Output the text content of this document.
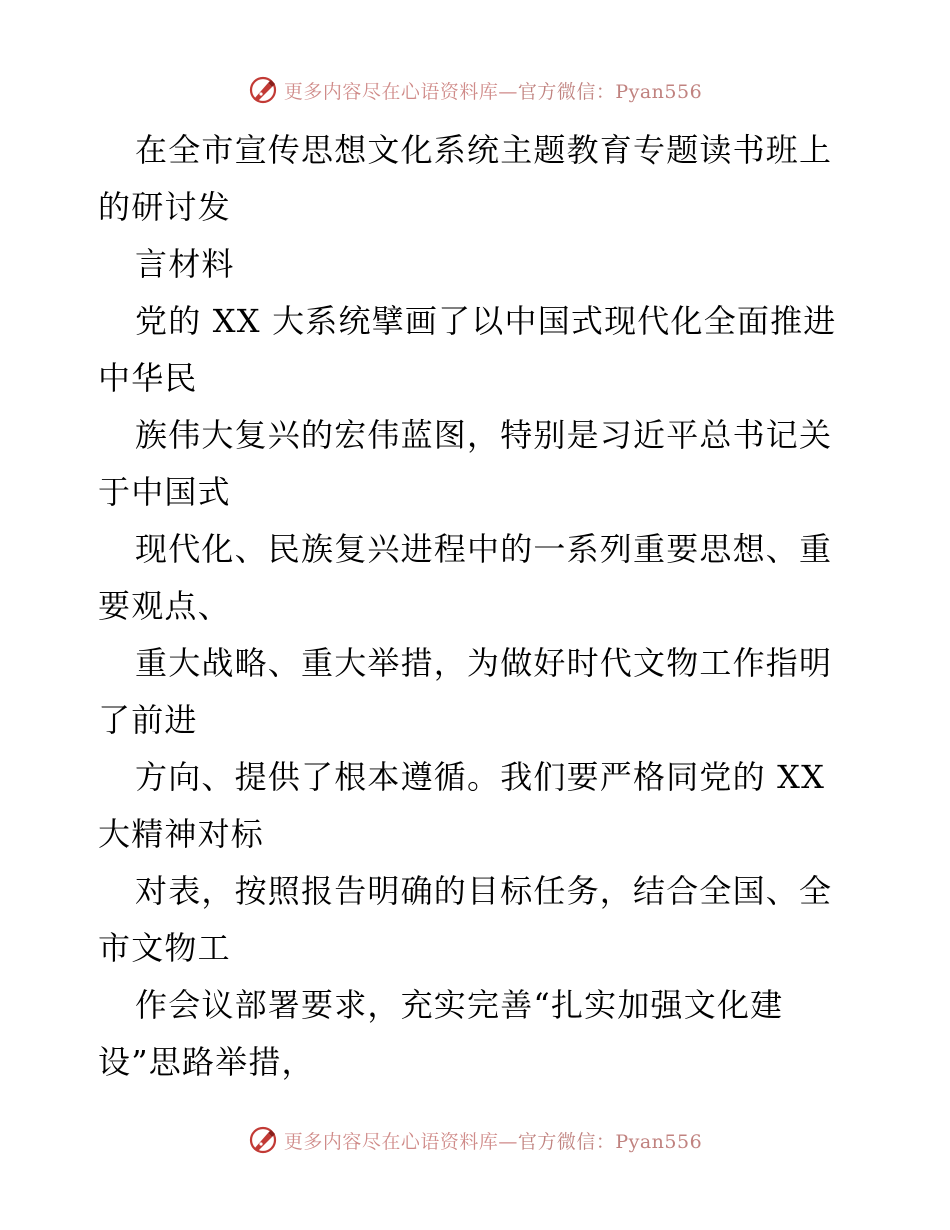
更多内容尽在心语资料库—官方微信：Pyan556

在全市宣传思想文化系统主题教育专题读书班上

的研讨发

言材料

党的 XX 大系统擘画了以中国式现代化全面推进

中华民

族伟大复兴的宏伟蓝图，特别是习近平总书记关

于中国式

现代化、民族复兴进程中的一系列重要思想、重

要观点、

重大战略、重大举措，为做好时代文物工作指明

了前进

方向、提供了根本遵循。我们要严格同党的 XX

大精神对标

对表，按照报告明确的目标任务，结合全国、全

市文物工

作会议部署要求，充实完善“扎实加强文化建

设”思路举措，

更多内容尽在心语资料库—官方微信：Pyan556
